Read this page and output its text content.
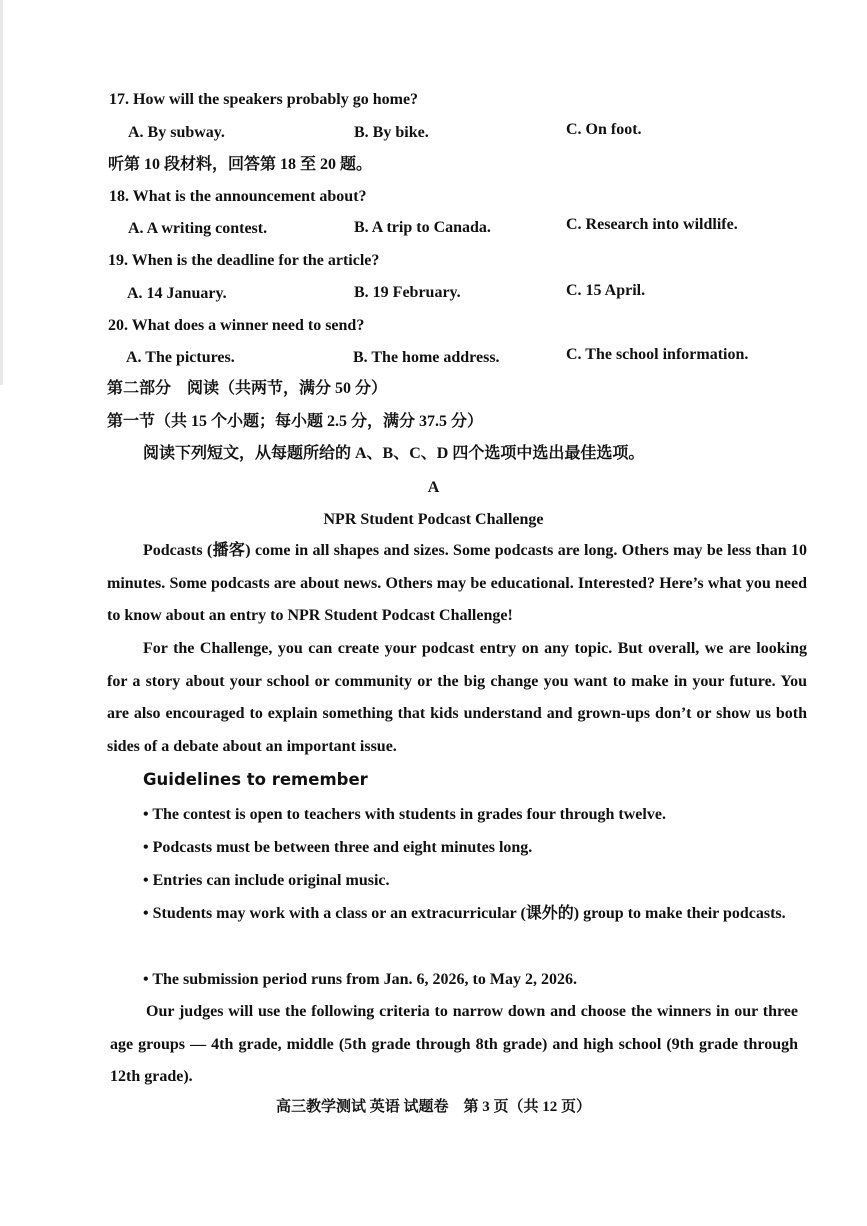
17. How will the speakers probably go home?
A. By subway.	B. By bike.	C. On foot.
听第 10 段材料，回答第 18 至 20 题。
18. What is the announcement about?
A. A writing contest.	B. A trip to Canada.	C. Research into wildlife.
19. When is the deadline for the article?
A. 14 January.	B. 19 February.	C. 15 April.
20. What does a winner need to send?
A. The pictures.	B. The home address.	C. The school information.
第二部分　阅读（共两节，满分 50 分）
第一节（共 15 个小题；每小题 2.5 分，满分 37.5 分）
阅读下列短文，从每题所给的 A、B、C、D 四个选项中选出最佳选项。
A
NPR Student Podcast Challenge
Podcasts (播客) come in all shapes and sizes. Some podcasts are long. Others may be less than 10 minutes. Some podcasts are about news. Others may be educational. Interested? Here’s what you need to know about an entry to NPR Student Podcast Challenge!
For the Challenge, you can create your podcast entry on any topic. But overall, we are looking for a story about your school or community or the big change you want to make in your future. You are also encouraged to explain something that kids understand and grown-ups don’t or show us both sides of a debate about an important issue.
Guidelines to remember
• The contest is open to teachers with students in grades four through twelve.
• Podcasts must be between three and eight minutes long.
• Entries can include original music.
• Students may work with a class or an extracurricular (课外的) group to make their podcasts.
• The submission period runs from Jan. 6, 2026, to May 2, 2026.
Our judges will use the following criteria to narrow down and choose the winners in our three age groups — 4th grade, middle (5th grade through 8th grade) and high school (9th grade through 12th grade).
高三教学测试 英语 试题卷　第 3 页（共 12 页）
